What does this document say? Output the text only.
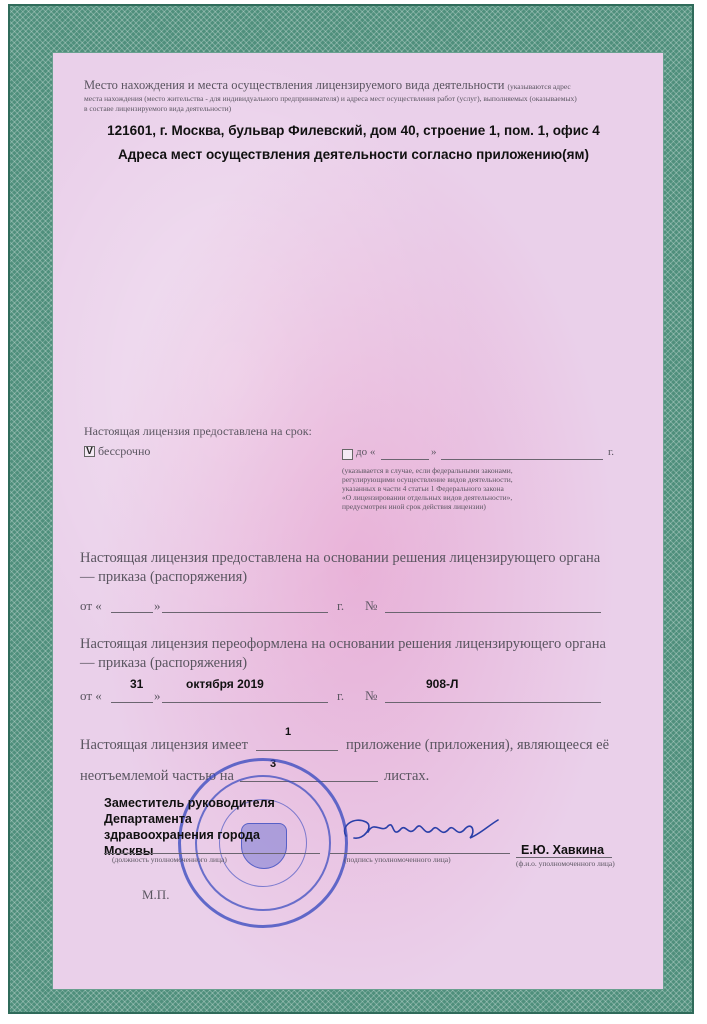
Место нахождения и места осуществления лицензируемого вида деятельности (указываются адрес
места нахождения (место жительства - для индивидуального предпринимателя) и адреса мест осуществления работ (услуг), выполняемых (оказываемых)
в составе лицензируемого вида деятельности)
121601, г. Москва, бульвар Филевский, дом 40, строение 1, пом. 1, офис 4
Адреса мест осуществления деятельности согласно приложению(ям)
Настоящая лицензия предоставлена на срок:
V бессрочно	до «	»	г.
(указывается в случае, если федеральными законами,
регулирующими осуществление видов деятельности,
указанных в части 4 статьи 1 Федерального закона
«О лицензировании отдельных видов деятельности»,
предусмотрен иной срок действия лицензии)
Настоящая лицензия предоставлена на основании решения лицензирующего органа
— приказа (распоряжения)
от «	»	г. №
Настоящая лицензия переоформлена на основании решения лицензирующего органа
— приказа (распоряжения)
31	октября 2019	908-Л
от «	»	г. №
1
Настоящая лицензия имеет	приложение (приложения), являющееся её
3
неотъемлемой частью на	листах.
Заместитель руководителя
Департамента
здравоохранения города
Москвы
(должность уполномоченного лица)	(подпись уполномоченного лица)
Е.Ю. Хавкина
(ф.и.о. уполномоченного лица)
М.П.
